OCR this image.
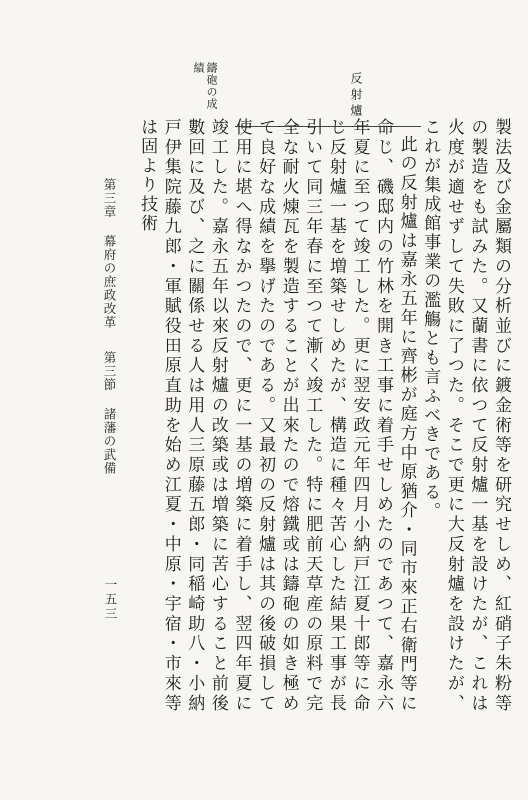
反射爐
鑄砲の成
績

製法及び金屬類の分析並びに鍍金術等を研究せしめ、紅硝子朱粉等の製造をも試みた。又蘭書に依つて反射爐一基を設けたが、これは火度が適せずして失敗に了つた。そこで更に大反射爐を設けたが、これが集成館事業の濫觴とも言ふべきである。

此の反射爐は嘉永五年に齊彬が庭方中原猶介・同市來正右衛門等に命じ、磯邸内の竹林を開き工事に着手せしめたのであつて、嘉永六年夏に至つて竣工した。更に翌安政元年四月小納戸江夏十郎等に命じ反射爐一基を増築せしめたが、構造に種々苦心した結果工事が長引いて同三年春に至つて漸く竣工した。特に肥前天草産の原料で完全な耐火煉瓦を製造することが出來たので熔鐵或は鑄砲の如き極めて良好な成績を擧げたのである。又最初の反射爐は其の後破損して使用に堪へ得なかつたので、更に一基の増築に着手し、翌四年夏に竣工した。嘉永五年以來反射爐の改築或は増築に苦心すること前後數回に及び、之に關係せる人は用人三原藤五郎・同稲崎助八・小納戸伊集院藤九郎・軍賦役田原直助を始め江夏・中原・宇宿・市來等は固より技術

第三章幕府の庶政改革第三節諸藩の武備
一五三
